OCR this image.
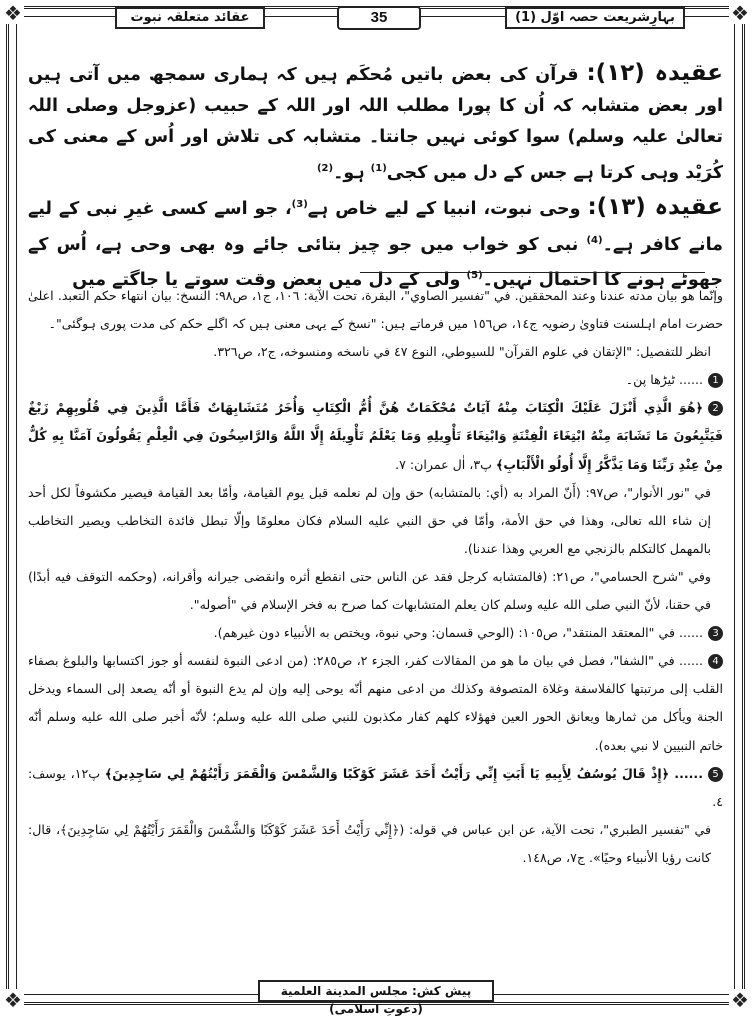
❖	❖
❖	❖
بہارِشریعت حصہ اوّل (1)
35
عقائد متعلقہ نبوت

عقیدہ (١٢): قرآن کی بعض باتیں مُحکَم ہیں کہ ہماری سمجھ میں آتی ہیں اور بعض متشابہ کہ اُن کا پورا مطلب اللہ اور اللہ کے حبیب (عزوجل وصلی اللہ تعالیٰ علیہ وسلم) سوا کوئی نہیں جانتا۔ متشابہ کی تلاش اور اُس کے معنی کی کُرَیْد وہی کرتا ہے جس کے دل میں کجی$^{(1)}$ ہو۔$^{(2)}$

عقیدہ (١٣): وحی نبوت، انبیا کے لیے خاص ہے$^{(3)}$، جو اسے کسی غیرِ نبی کے لیے مانے کافر ہے۔$^{(4)}$ نبی کو خواب میں جو چیز بتائی جائے وہ بھی وحی ہے، اُس کے جھوٹے ہونے کا احتمال نہیں۔$^{(5)}$ ولی کے دل میں بعض وقت سوتے یا جاگتے میں

وإنّما هو بيان مدته عندنا وعند المحققين. في "تفسير الصاوي"، البقرة، تحت الآية: ١٠٦، ج١، ص٩٨: النسخ: بيان انتهاء حكم التعبد. اعلیٰ حضرت امام اہلسنت فتاویٰ رضویہ ج١٤، ص١٥٦ میں فرماتے ہیں: "نسخ کے یہی معنی ہیں کہ اگلے حکم کی مدت پوری ہوگئی"۔

انظر للتفصيل: "الإتقان في علوم القرآن" للسيوطي، النوع ٤٧ في ناسخه ومنسوخه، ج٢، ص٣٢٦.

1...... ٹیڑھا پن۔

2﴿هُوَ الَّذِي أَنْزَلَ عَلَيْكَ الْكِتَابَ مِنْهُ آيَاتٌ مُحْكَمَاتٌ هُنَّ أُمُّ الْكِتَابِ وَأُخَرُ مُتَشَابِهَاتٌ فَأَمَّا الَّذِينَ فِي قُلُوبِهِمْ زَيْغٌ فَيَتَّبِعُونَ مَا تَشَابَهَ مِنْهُ ابْتِغَاءَ الْفِتْنَةِ وَابْتِغَاءَ تَأْوِيلِهِ وَمَا يَعْلَمُ تَأْوِيلَهُ إِلَّا اللَّهُ وَالرَّاسِخُونَ فِي الْعِلْمِ يَقُولُونَ آمَنَّا بِهِ كُلٌّ مِنْ عِنْدِ رَبِّنَا وَمَا يَذَّكَّرُ إِلَّا أُولُو الْأَلْبَابِ﴾ پ٣، اٰل عمران: ٧.

في "نور الأنوار"، ص٩٧: (أَنّ المراد به (أي: بالمتشابه) حق وإن لم نعلمه قبل يوم القيامة، وأمّا بعد القيامة فيصير مكشوفاً لكل أحد إن شاء الله تعالى، وهذا في حق الأمة، وأمّا في حق النبي عليه السلام فكان معلومًا وإلّا تبطل فائدة التخاطب ويصير التخاطب بالمهمل كالتكلم بالزنجي مع العربي وهذا عندنا).

وفي "شرح الحسامي"، ص٢١: (فالمتشابه كرجل فقد عن الناس حتى انقطع أثره وانقضى جيرانه وأقرانه، (وحكمه التوقف فيه أبدًا) في حقنا، لأنّ النبي صلى الله عليه وسلم كان يعلم المتشابهات كما صرح به فخر الإسلام في "أصوله".

3...... في "المعتقد المنتقد"، ص١٠٥: (الوحي قسمان: وحي نبوة، ويختص به الأنبياء دون غيرهم).

4...... في "الشفا"، فصل في بيان ما هو من المقالات كفر، الجزء ٢، ص٢٨٥: (من ادعى النبوة لنفسه أو جوز اكتسابها والبلوغ بصفاء القلب إلى مرتبتها كالفلاسفة وغلاة المتصوفة وكذلك من ادعى منهم أنّه يوحى إليه وإن لم يدع النبوة أو أنّه يصعد إلى السماء ويدخل الجنة ويأكل من ثمارها ويعانق الحور العين فهؤلاء كلهم كفار مكذبون للنبي صلى الله عليه وسلم؛ لأنّه أخبر صلى الله عليه وسلم أنّه خاتم النبيين لا نبي بعده).

5...... ﴿إِذْ قَالَ يُوسُفُ لِأَبِيهِ يَا أَبَتِ إِنِّي رَأَيْتُ أَحَدَ عَشَرَ كَوْكَبًا وَالشَّمْسَ وَالْقَمَرَ رَأَيْتُهُمْ لِي سَاجِدِينَ﴾ پ١٢، يوسف: ٤.

في "تفسير الطبري"، تحت الآية، عن ابن عباس في قوله: (﴿إِنِّي رَأَيْتُ أَحَدَ عَشَرَ كَوْكَبًا وَالشَّمْسَ وَالْقَمَرَ رَأَيْتُهُمْ لِي سَاجِدِينَ﴾، قال: كانت رؤيا الأنبياء وحيًا». ج٧، ص١٤٨.

پیش کش: مجلس المدینة العلمیة (دعوتِ اسلامی)
